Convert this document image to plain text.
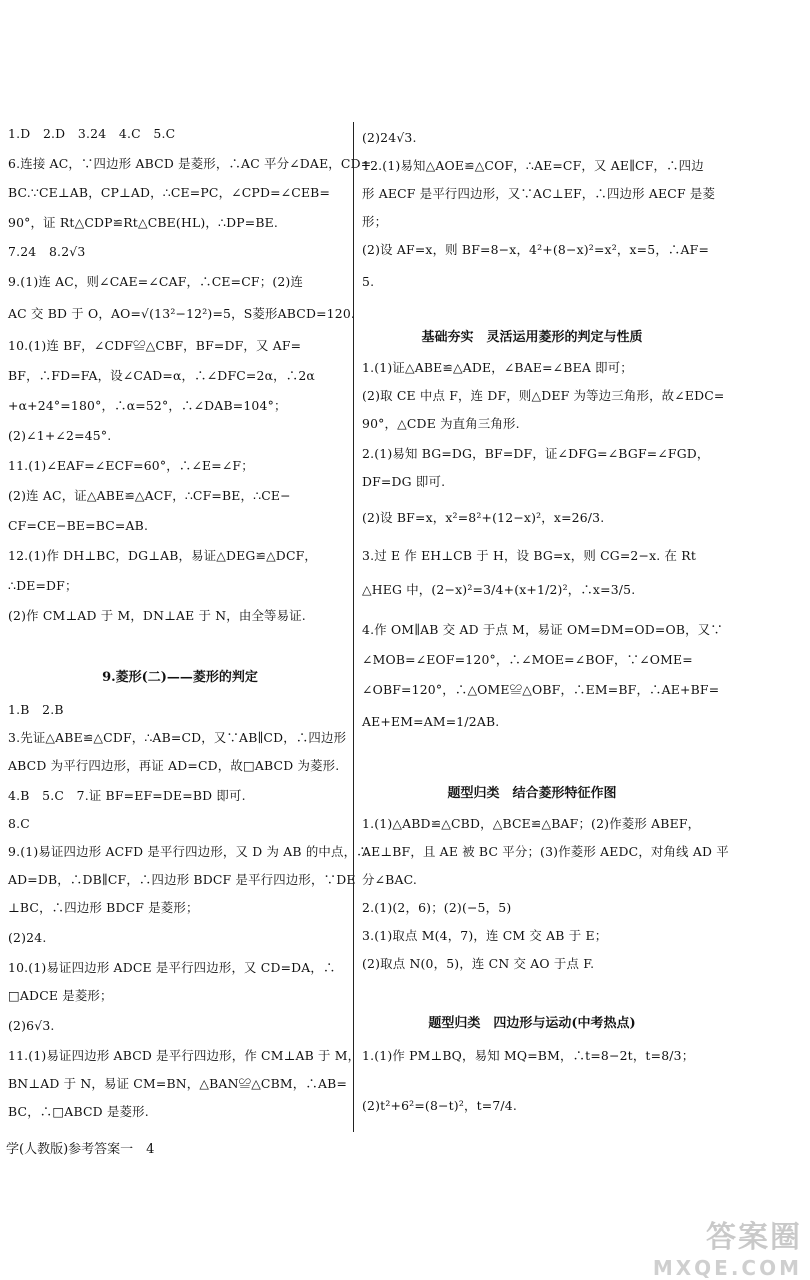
1.D　2.D　3.24　4.C　5.C
6.连接 AC，∵四边形 ABCD 是菱形，∴AC 平分∠DAE，CD=
BC.∵CE⊥AB，CP⊥AD，∴CE=PC，∠CPD=∠CEB=
90°，证 Rt△CDP≌Rt△CBE(HL)，∴DP=BE.
7.24　8.2√3
9.(1)连 AC，则∠CAE=∠CAF，∴CE=CF；(2)连
AC 交 BD 于 O，AO=√(13²−12²)=5，S菱形ABCD=120.
10.(1)连 BF，∠CDF≌△CBF，BF=DF，又 AF=
BF，∴FD=FA，设∠CAD=α，∴∠DFC=2α，∴2α
+α+24°=180°，∴α=52°，∴∠DAB=104°；
(2)∠1+∠2=45°.
11.(1)∠EAF=∠ECF=60°，∴∠E=∠F；
(2)连 AC，证△ABE≌△ACF，∴CF=BE，∴CE−
CF=CE−BE=BC=AB.
12.(1)作 DH⊥BC，DG⊥AB，易证△DEG≌△DCF，
∴DE=DF；
(2)作 CM⊥AD 于 M，DN⊥AE 于 N，由全等易证.
9.菱形(二)——菱形的判定
1.B　2.B
3.先证△ABE≌△CDF，∴AB=CD，又∵AB∥CD，∴四边形
ABCD 为平行四边形，再证 AD=CD，故□ABCD 为菱形.
4.B　5.C　7.证 BF=EF=DE=BD 即可.
8.C
9.(1)易证四边形 ACFD 是平行四边形，又 D 为 AB 的中点，∴
AD=DB，∴DB∥CF，∴四边形 BDCF 是平行四边形，∵DE
⊥BC，∴四边形 BDCF 是菱形；
(2)24.
10.(1)易证四边形 ADCE 是平行四边形，又 CD=DA，∴
□ADCE 是菱形；
(2)6√3.
11.(1)易证四边形 ABCD 是平行四边形，作 CM⊥AB 于 M，
BN⊥AD 于 N，易证 CM=BN，△BAN≌△CBM，∴AB=
BC，∴□ABCD 是菱形.
(2)24√3.
12.(1)易知△AOE≌△COF，∴AE=CF，又 AE∥CF，∴四边
形 AECF 是平行四边形，又∵AC⊥EF，∴四边形 AECF 是菱
形；
(2)设 AF=x，则 BF=8−x，4²+(8−x)²=x²，x=5，∴AF=
5.
基础夯实　灵活运用菱形的判定与性质
1.(1)证△ABE≌△ADE，∠BAE=∠BEA 即可；
(2)取 CE 中点 F，连 DF，则△DEF 为等边三角形，故∠EDC=
90°，△CDE 为直角三角形.
2.(1)易知 BG=DG，BF=DF，证∠DFG=∠BGF=∠FGD，
DF=DG 即可.
(2)设 BF=x，x²=8²+(12−x)²，x=26/3.
3.过 E 作 EH⊥CB 于 H，设 BG=x，则 CG=2−x. 在 Rt
△HEG 中，(2−x)²=3/4+(x+1/2)²，∴x=3/5.
4.作 OM∥AB 交 AD 于点 M，易证 OM=DM=OD=OB，又∵
∠MOB=∠EOF=120°，∴∠MOE=∠BOF，∵∠OME=
∠OBF=120°，∴△OME≌△OBF，∴EM=BF，∴AE+BF=
AE+EM=AM=1/2AB.
题型归类　结合菱形特征作图
1.(1)△ABD≌△CBD，△BCE≌△BAF；(2)作菱形 ABEF，
AE⊥BF，且 AE 被 BC 平分；(3)作菱形 AEDC，对角线 AD 平
分∠BAC.
2.(1)(2，6)；(2)(−5，5)
3.(1)取点 M(4，7)，连 CM 交 AB 于 E；
(2)取点 N(0，5)，连 CN 交 AO 于点 F.
题型归类　四边形与运动(中考热点)
1.(1)作 PM⊥BQ，易知 MQ=BM，∴t=8−2t，t=8/3；
(2)t²+6²=(8−t)²，t=7/4.
学(人教版)参考答案一　4
答案圈
MXQE.COM
